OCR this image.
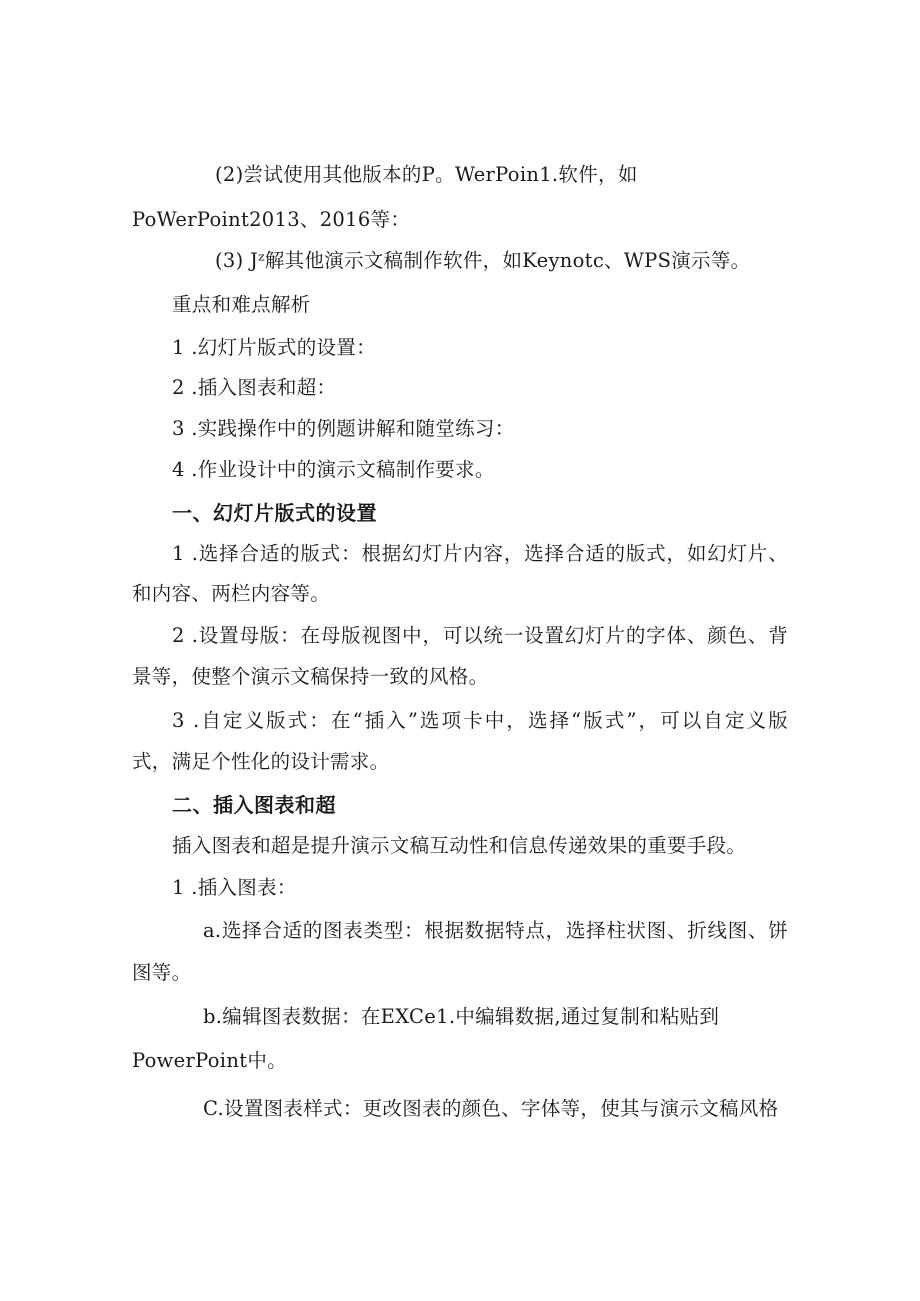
(2)尝试使用其他版本的P。WerPoin1.软件，如
PoWerPoint2013、2016等：
(3) Jᶻ解其他演示文稿制作软件，如Keynotc、WPS演示等。
重点和难点解析
1 .幻灯片版式的设置：
2 .插入图表和超：
3 .实践操作中的例题讲解和随堂练习：
4 .作业设计中的演示文稿制作要求。
一、幻灯片版式的设置
1 .选择合适的版式：根据幻灯片内容，选择合适的版式，如幻灯片、
和内容、两栏内容等。
2 .设置母版：在母版视图中，可以统一设置幻灯片的字体、颜色、背
景等，使整个演示文稿保持一致的风格。
3 .自定义版式：在“插入”选项卡中，选择“版式”，可以自定义版
式，满足个性化的设计需求。
二、插入图表和超
插入图表和超是提升演示文稿互动性和信息传递效果的重要手段。
1 .插入图表：
a.选择合适的图表类型：根据数据特点，选择柱状图、折线图、饼
图等。
b.编辑图表数据：在EXCe1.中编辑数据,通过复制和粘贴到
PowerPoint中。
C.设置图表样式：更改图表的颜色、字体等，使其与演示文稿风格
